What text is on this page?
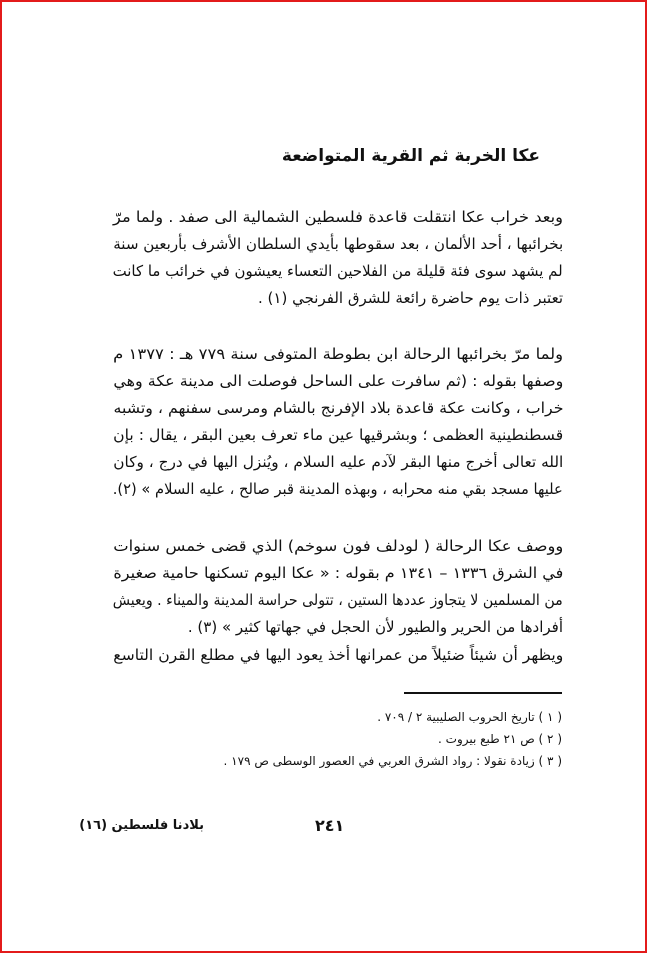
عكا الخربة ثم القرية المتواضعة
وبعد خراب عكا انتقلت قاعدة فلسطين الشمالية الى صفد . ولما مرّ
بخرائبها ، أحد الألمان ، بعد سقوطها بأيدي السلطان الأشرف بأربعين سنة
لم يشهد سوى فئة قليلة من الفلاحين التعساء يعيشون في خرائب ما كانت
تعتبر ذات يوم حاضرة رائعة للشرق الفرنجي (١) .
ولما مرّ بخرائبها الرحالة ابن بطوطة المتوفى سنة ٧٧٩ هـ : ١٣٧٧ م
وصفها بقوله : (ثم سافرت على الساحل فوصلت الى مدينة عكة وهي
خراب ، وكانت عكة قاعدة بلاد الإفرنج بالشام ومرسى سفنهم ، وتشبه
قسطنطينية العظمى ؛ وبشرقيها عين ماء تعرف بعين البقر ، يقال : بإن
الله تعالى أخرج منها البقر لآدم عليه السلام ، ويُنزل اليها في درج ، وكان
عليها مسجد بقي منه محرابه ، وبهذه المدينة قبر صالح ، عليه السلام » (٢).
ووصف عكا الرحالة ( لودلف فون سوخم) الذي قضى خمس سنوات
في الشرق ١٣٣٦ – ١٣٤١ م بقوله : « عكا اليوم تسكنها حامية صغيرة
من المسلمين لا يتجاوز عددها الستين ، تتولى حراسة المدينة والميناء . ويعيش
أفرادها من الحرير والطيور لأن الحجل في جهاتها كثير » (٣) .
ويظهر أن شيئاً ضئيلاً من عمرانها أخذ يعود اليها في مطلع القرن التاسع
( ١ ) تاريخ الحروب الصليبية ٢ / ٧٠٩ .
( ٢ ) ص ٢١ طبع بيروت .
( ٣ ) زيادة نقولا : رواد الشرق العربي في العصور الوسطى ص ١٧٩ .
٢٤١
بلادنا فلسطين (١٦)
